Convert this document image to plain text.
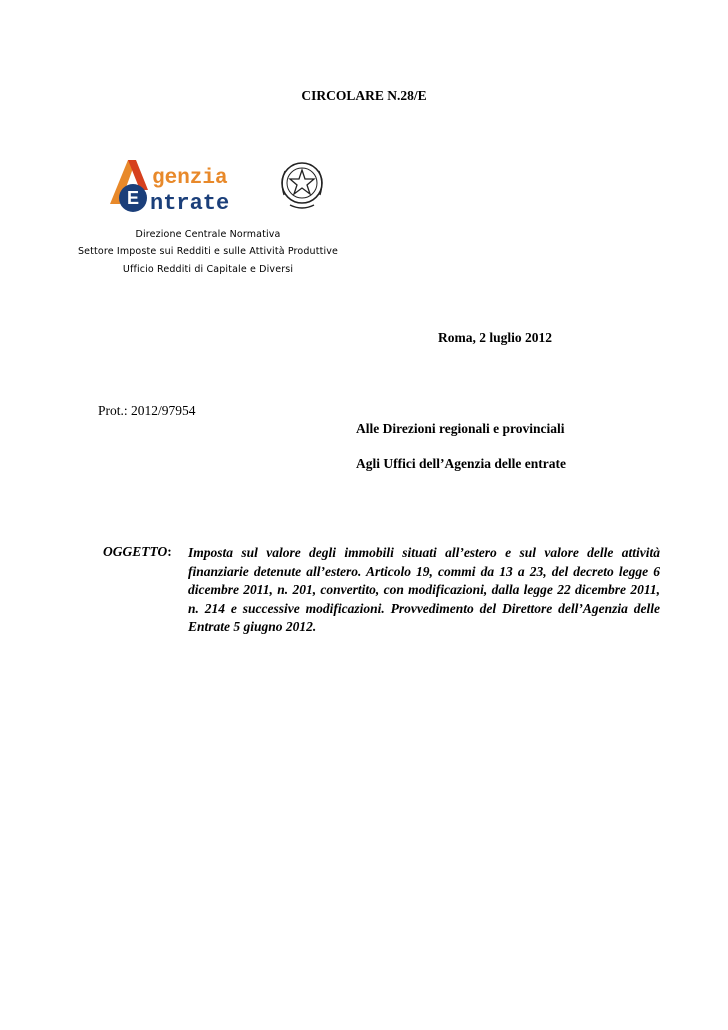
CIRCOLARE N.28/E
E
genzia
ntrate
Direzione Centrale Normativa
Settore Imposte sui Redditi e sulle Attività Produttive
Ufficio Redditi di Capitale e Diversi
Roma, 2 luglio 2012
Prot.: 2012/97954
Alle Direzioni regionali e provinciali
Agli Uffici dell’Agenzia delle entrate
OGGETTO: Imposta sul valore degli immobili situati all’estero e sul valore delle attività finanziarie detenute all’estero. Articolo 19, commi da 13 a 23, del decreto legge 6 dicembre 2011, n. 201, convertito, con modificazioni, dalla legge 22 dicembre 2011, n. 214 e successive modificazioni. Provvedimento del Direttore dell’Agenzia delle Entrate 5 giugno 2012.
